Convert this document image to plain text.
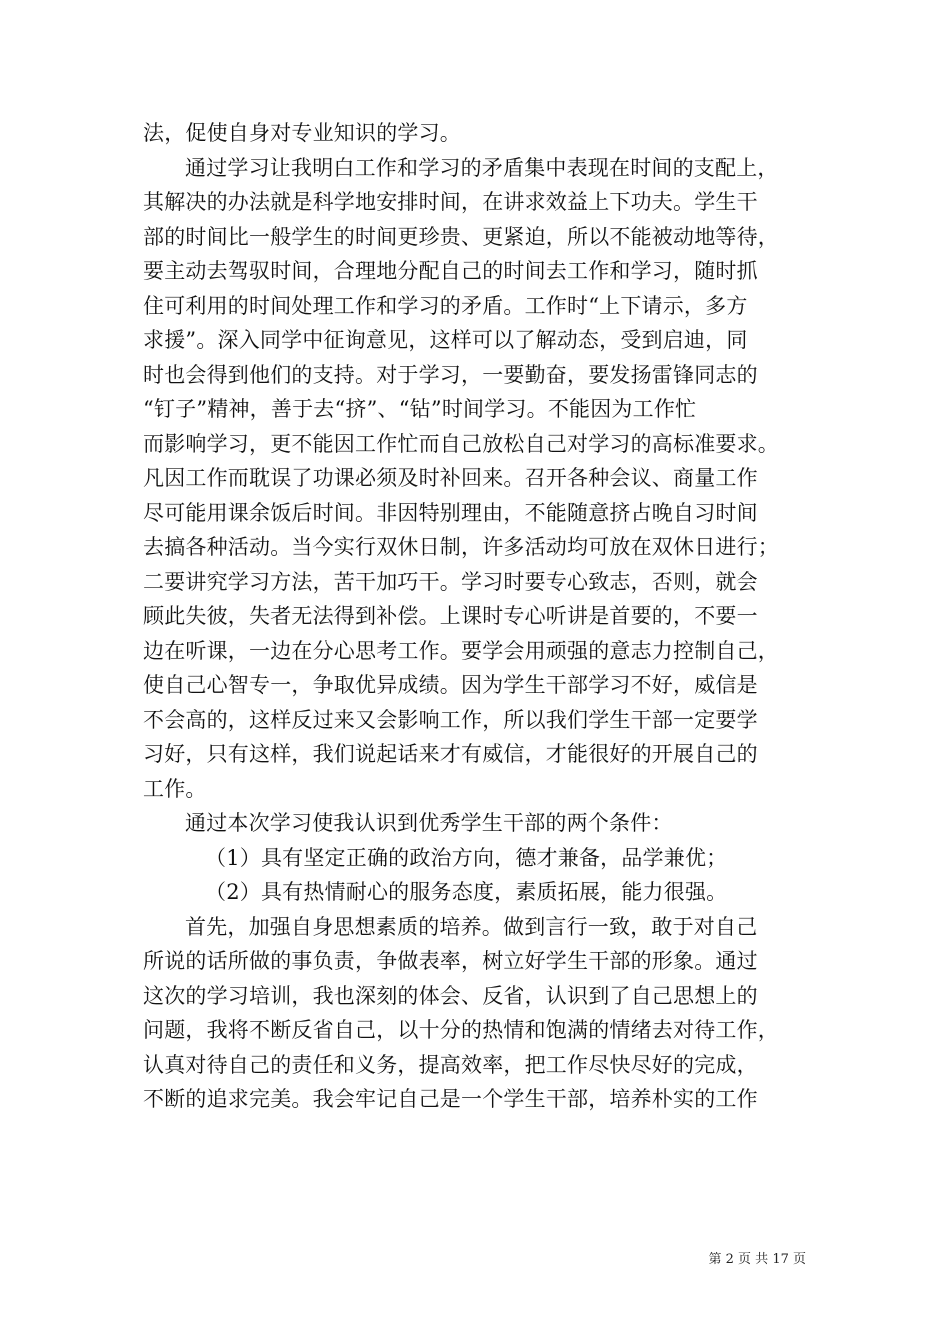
法，促使自身对专业知识的学习。
通过学习让我明白工作和学习的矛盾集中表现在时间的支配上，
其解决的办法就是科学地安排时间，在讲求效益上下功夫。学生干
部的时间比一般学生的时间更珍贵、更紧迫，所以不能被动地等待，
要主动去驾驭时间，合理地分配自己的时间去工作和学习，随时抓
住可利用的时间处理工作和学习的矛盾。工作时“上下请示，多方
求援”。深入同学中征询意见，这样可以了解动态，受到启迪，同
时也会得到他们的支持。对于学习，一要勤奋，要发扬雷锋同志的
“钉子”精神，善于去“挤”、“钻”时间学习。不能因为工作忙
而影响学习，更不能因工作忙而自己放松自己对学习的高标准要求。
凡因工作而耽误了功课必须及时补回来。召开各种会议、商量工作
尽可能用课余饭后时间。非因特别理由，不能随意挤占晚自习时间
去搞各种活动。当今实行双休日制，许多活动均可放在双休日进行；
二要讲究学习方法，苦干加巧干。学习时要专心致志，否则，就会
顾此失彼，失者无法得到补偿。上课时专心听讲是首要的，不要一
边在听课，一边在分心思考工作。要学会用顽强的意志力控制自己，
使自己心智专一，争取优异成绩。因为学生干部学习不好，威信是
不会高的，这样反过来又会影响工作，所以我们学生干部一定要学
习好，只有这样，我们说起话来才有威信，才能很好的开展自己的
工作。
通过本次学习使我认识到优秀学生干部的两个条件：
（1）具有坚定正确的政治方向，德才兼备，品学兼优；
（2）具有热情耐心的服务态度，素质拓展，能力很强。
首先，加强自身思想素质的培养。做到言行一致，敢于对自己
所说的话所做的事负责，争做表率，树立好学生干部的形象。通过
这次的学习培训，我也深刻的体会、反省，认识到了自己思想上的
问题，我将不断反省自己，以十分的热情和饱满的情绪去对待工作，
认真对待自己的责任和义务，提高效率，把工作尽快尽好的完成，
不断的追求完美。我会牢记自己是一个学生干部，培养朴实的工作
第 2 页 共 17 页
